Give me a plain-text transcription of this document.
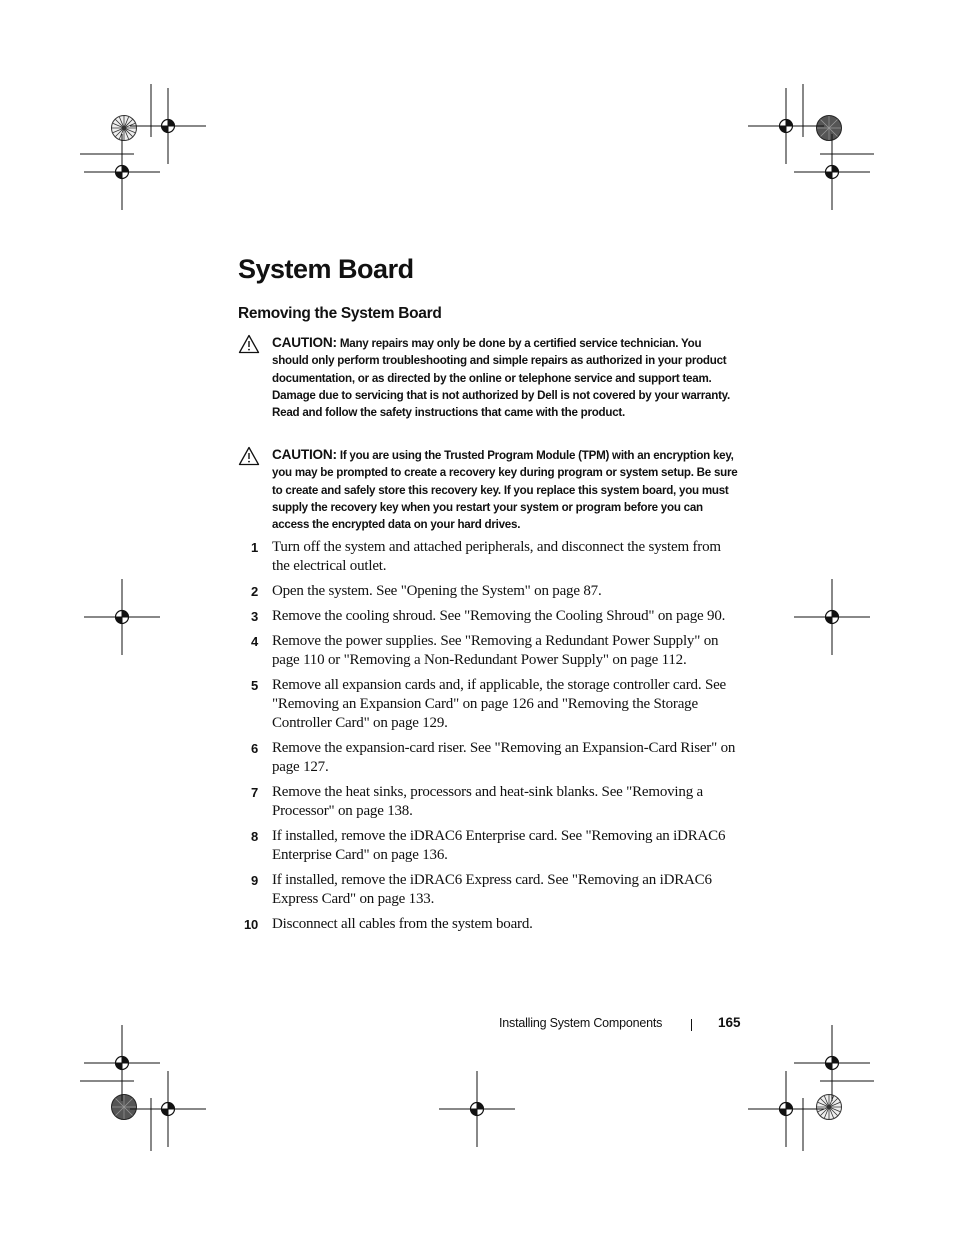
System Board
Removing the System Board
CAUTION: Many repairs may only be done by a certified service technician. You should only perform troubleshooting and simple repairs as authorized in your product documentation, or as directed by the online or telephone service and support team. Damage due to servicing that is not authorized by Dell is not covered by your warranty. Read and follow the safety instructions that came with the product.
CAUTION: If you are using the Trusted Program Module (TPM) with an encryption key, you may be prompted to create a recovery key during program or system setup. Be sure to create and safely store this recovery key. If you replace this system board, you must supply the recovery key when you restart your system or program before you can access the encrypted data on your hard drives.
1 Turn off the system and attached peripherals, and disconnect the system from the electrical outlet.
2 Open the system. See "Opening the System" on page 87.
3 Remove the cooling shroud. See "Removing the Cooling Shroud" on page 90.
4 Remove the power supplies. See "Removing a Redundant Power Supply" on page 110 or "Removing a Non-Redundant Power Supply" on page 112.
5 Remove all expansion cards and, if applicable, the storage controller card. See "Removing an Expansion Card" on page 126 and "Removing the Storage Controller Card" on page 129.
6 Remove the expansion-card riser. See "Removing an Expansion-Card Riser" on page 127.
7 Remove the heat sinks, processors and heat-sink blanks. See "Removing a Processor" on page 138.
8 If installed, remove the iDRAC6 Enterprise card. See "Removing an iDRAC6 Enterprise Card" on page 136.
9 If installed, remove the iDRAC6 Express card. See "Removing an iDRAC6 Express Card" on page 133.
10 Disconnect all cables from the system board.
Installing System Components	165
